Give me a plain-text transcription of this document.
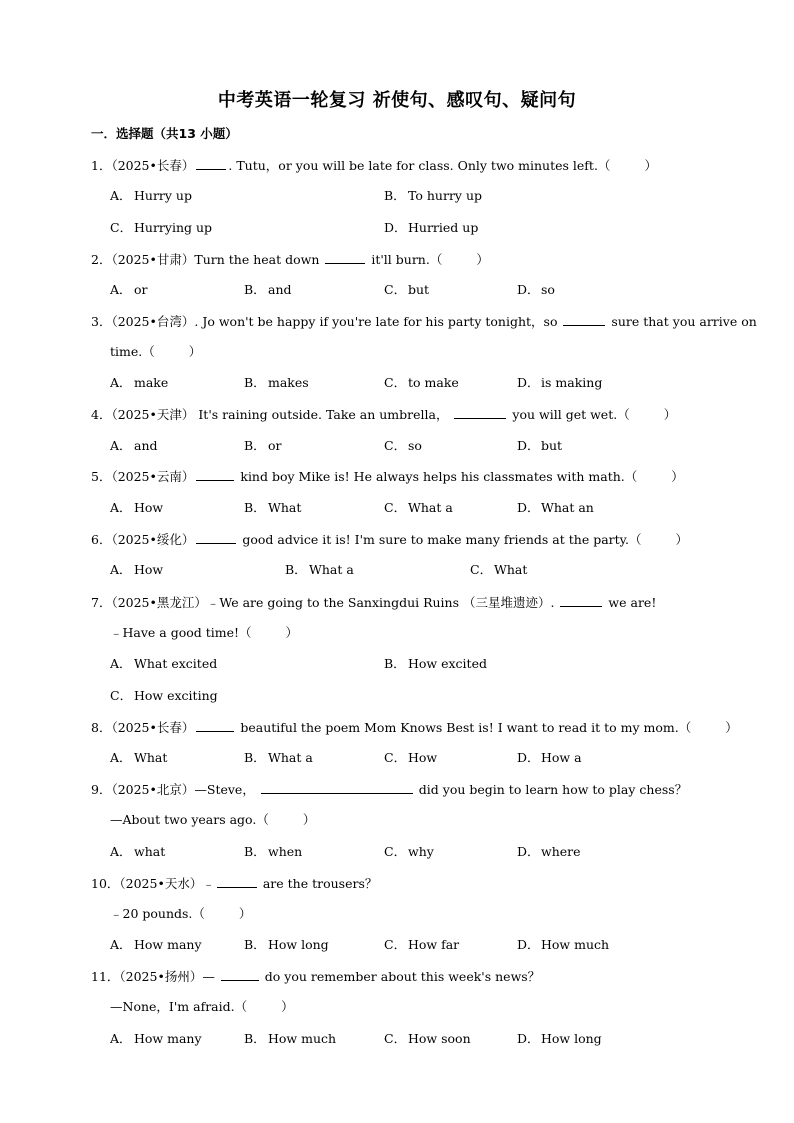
中考英语一轮复习 祈使句、感叹句、疑问句
一．选择题（共13 小题）
1．（2025•长春）	. Tutu，or you will be late for class. Only two minutes left.（	）
A． Hurry up	B． To hurry up
C． Hurrying up	D．Hurried up
2．（2025•甘肃）Turn the heat down	it'll burn.（	）
A． or	B． and	C． but	D．so
3．（2025•台湾）. Jo won't be happy if you're late for his party tonight，so	sure that you arrive on
time.（	）
A． make	B． makes	C． to make	D．is making
4．（2025•天津） It's raining outside. Take an umbrella，	you will get wet.（	）
A． and	B． or	C． so	D．but
5．（2025•云南）	kind boy Mike is! He always helps his classmates with math.（	）
A． How	B． What	C． What a	D．What an
6．（2025•绥化）	good advice it is! I'm sure to make many friends at the party.（	）
A． How	B． What a	C． What
7．（2025•黑龙江）﹣We are going to the Sanxingdui Ruins （三星堆遗迹）.	we are!
﹣Have a good time!（	）
A． What excited	B． How excited
C． How exciting
8．（2025•长春）	beautiful the poem Mom Knows Best is! I want to read it to my mom.（	）
A． What	B． What a	C． How	D．How a
9．（2025•北京）—Steve，	did you begin to learn how to play chess？
—About two years ago.（	）
A． what	B． when	C． why	D．where
10．（2025•天水）﹣	are the trousers？
﹣20 pounds.（	）
A． How many	B． How long	C． How far	D．How much
11．（2025•扬州）—	do you remember about this week's news？
—None，I'm afraid.（	）
A． How many	B． How much	C． How soon	D．How long
